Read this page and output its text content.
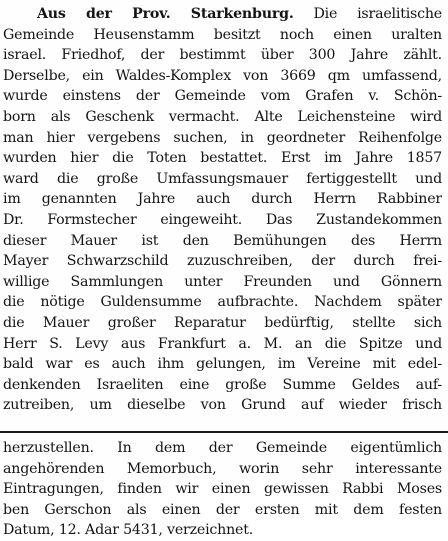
Aus der Prov. Starkenburg. Die israelitische
Gemeinde Heusenstamm besitzt noch einen uralten
israel. Friedhof, der bestimmt über 300 Jahre zählt.
Derselbe, ein Waldes-Komplex von 3669 qm umfassend,
wurde einstens der Gemeinde vom Grafen v. Schön-
born als Geschenk vermacht. Alte Leichensteine wird
man hier vergebens suchen, in geordneter Reihenfolge
wurden hier die Toten bestattet. Erst im Jahre 1857
ward die große Umfassungsmauer fertiggestellt und
im genannten Jahre auch durch Herrn Rabbiner
Dr. Formstecher eingeweiht. Das Zustandekommen
dieser Mauer ist den Bemühungen des Herrn
Mayer Schwarzschild zuzuschreiben, der durch frei-
willige Sammlungen unter Freunden und Gönnern
die nötige Guldensumme aufbrachte. Nachdem später
die Mauer großer Reparatur bedürftig, stellte sich
Herr S. Levy aus Frankfurt a. M. an die Spitze und
bald war es auch ihm gelungen, im Vereine mit edel-
denkenden Israeliten eine große Summe Geldes auf-
zutreiben, um dieselbe von Grund auf wieder frisch
herzustellen. In dem der Gemeinde eigentümlich
angehörenden Memorbuch, worin sehr interessante
Eintragungen, finden wir einen gewissen Rabbi Moses
ben Gerschon als einen der ersten mit dem festen
Datum, 12. Adar 5431, verzeichnet.
